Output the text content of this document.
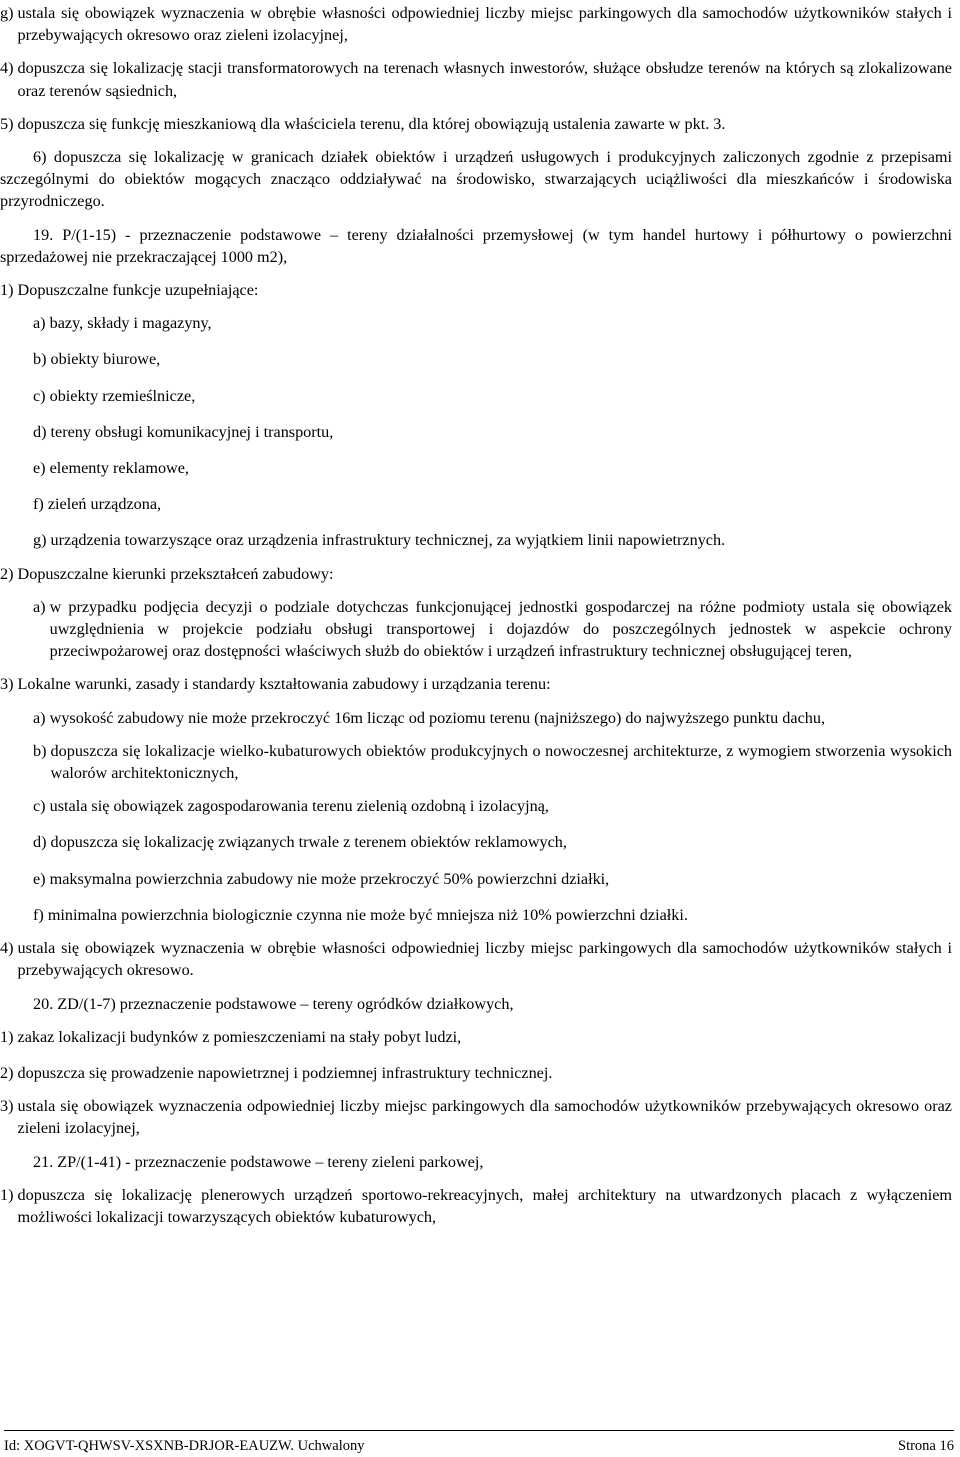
g) ustala się obowiązek wyznaczenia w obrębie własności odpowiedniej liczby miejsc parkingowych dla samochodów użytkowników stałych i przebywających okresowo oraz zieleni izolacyjnej,
4) dopuszcza się lokalizację stacji transformatorowych na terenach własnych inwestorów, służące obsłudze terenów na których są zlokalizowane oraz terenów sąsiednich,
5) dopuszcza się funkcję mieszkaniową dla właściciela terenu, dla której obowiązują ustalenia zawarte w pkt. 3.

6) dopuszcza się lokalizację w granicach działek obiektów i urządzeń usługowych i produkcyjnych zaliczonych zgodnie z przepisami szczególnymi do obiektów mogących znacząco oddziaływać na środowisko, stwarzających uciążliwości dla mieszkańców i środowiska przyrodniczego.

19. P/(1-15) - przeznaczenie podstawowe – tereny działalności przemysłowej (w tym handel hurtowy i półhurtowy o powierzchni sprzedażowej nie przekraczającej 1000 m2),

1) Dopuszczalne funkcje uzupełniające:

a) bazy, składy i magazyny,

b) obiekty biurowe,

c) obiekty rzemieślnicze,

d) tereny obsługi komunikacyjnej i transportu,

e) elementy reklamowe,

f) zieleń urządzona,

g) urządzenia towarzyszące oraz urządzenia infrastruktury technicznej, za wyjątkiem linii napowietrznych.

2) Dopuszczalne kierunki przekształceń zabudowy:

a) w przypadku podjęcia decyzji o podziale dotychczas funkcjonującej jednostki gospodarczej na różne podmioty ustala się obowiązek uwzględnienia w projekcie podziału obsługi transportowej i dojazdów do poszczególnych jednostek w aspekcie ochrony przeciwpożarowej oraz dostępności właściwych służb do obiektów i urządzeń infrastruktury technicznej obsługującej teren,

3) Lokalne warunki, zasady i standardy kształtowania zabudowy i urządzania terenu:

a) wysokość zabudowy nie może przekroczyć 16m licząc od poziomu terenu (najniższego) do najwyższego punktu dachu,
b) dopuszcza się lokalizacje wielko-kubaturowych obiektów produkcyjnych o nowoczesnej architekturze, z wymogiem stworzenia wysokich walorów architektonicznych,

c) ustala się obowiązek zagospodarowania terenu zielenią ozdobną i izolacyjną,

d) dopuszcza się lokalizację związanych trwale z terenem obiektów reklamowych,

e) maksymalna powierzchnia zabudowy nie może przekroczyć 50% powierzchni działki,

f) minimalna powierzchnia biologicznie czynna nie może być mniejsza niż 10% powierzchni działki.

4) ustala się obowiązek wyznaczenia w obrębie własności odpowiedniej liczby miejsc parkingowych dla samochodów użytkowników stałych i przebywających okresowo.

20. ZD/(1-7) przeznaczenie podstawowe – tereny ogródków działkowych,

1) zakaz lokalizacji budynków z pomieszczeniami na stały pobyt ludzi,

2) dopuszcza się prowadzenie napowietrznej i podziemnej infrastruktury technicznej.

3) ustala się obowiązek wyznaczenia odpowiedniej liczby miejsc parkingowych dla samochodów użytkowników przebywających okresowo oraz zieleni izolacyjnej,

21. ZP/(1-41) - przeznaczenie podstawowe – tereny zieleni parkowej,

1) dopuszcza się lokalizację plenerowych urządzeń sportowo-rekreacyjnych, małej architektury na utwardzonych placach z wyłączeniem możliwości lokalizacji towarzyszących obiektów kubaturowych,
Id: XOGVT-QHWSV-XSXNB-DRJOR-EAUZW. Uchwalony	Strona 16
